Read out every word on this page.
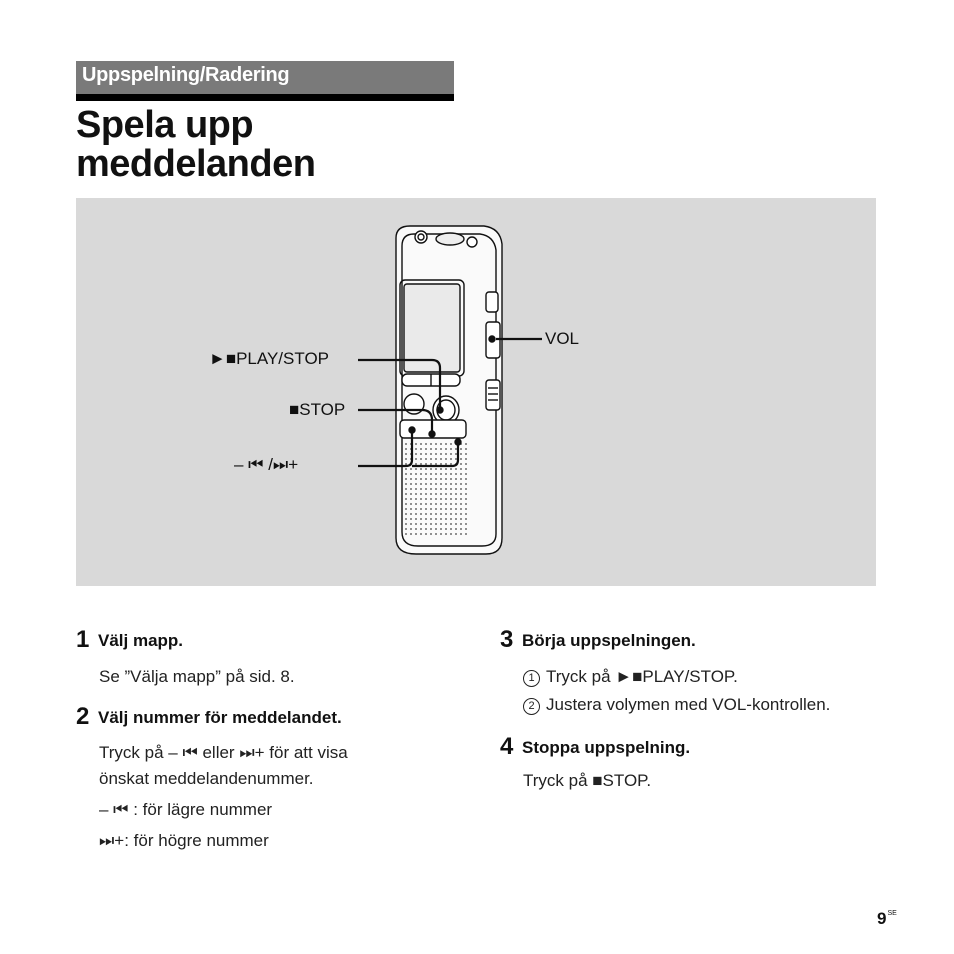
Uppspelning/Radering
Spela upp
meddelanden
►■PLAY/STOP
■STOP
– ⏮ /⏭+
VOL
1 Välj mapp.
Se ”Välja mapp” på sid. 8.
2 Välj nummer för meddelandet.
Tryck på – ⏮ eller ⏭+ för att visa
önskat meddelandenummer.
– ⏮ : för lägre nummer
⏭+: för högre nummer
3 Börja uppspelningen.
1 Tryck på ►■PLAY/STOP.
2 Justera volymen med VOL-kontrollen.
4 Stoppa uppspelning.
Tryck på ■STOP.
$9^{SE}$
